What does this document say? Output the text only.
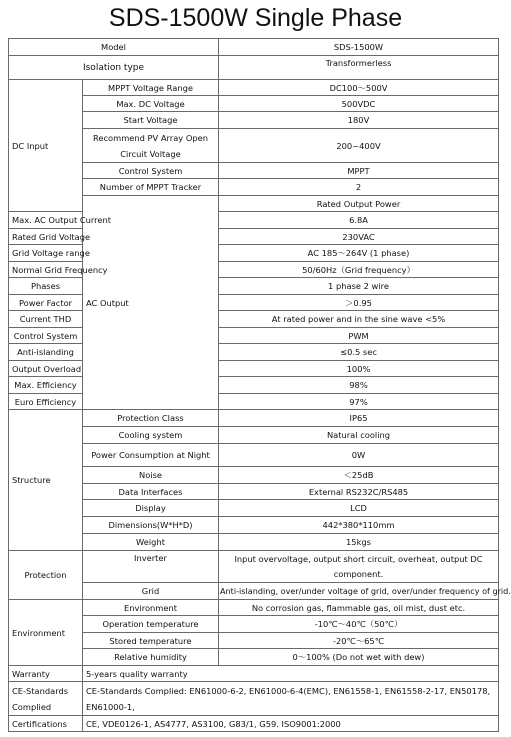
SDS-1500W Single Phase
Model		SDS-1500W	
Isolation type		Transformerless	
DC Input	MPPT Voltage Range	DC100～500V	
	Max. DC Voltage	500VDC	
	Start Voltage	180V	
	Recommend PV Array Open Circuit Voltage	200~400V	
	Control System	MPPT	
	Number of MPPT Tracker	2	
	AC Output	Rated Output Power	
Max. AC Output Current		6.8A	
Rated Grid Voltage		230VAC	
Grid Voltage range		AC 185～264V (1 phase)	
Normal Grid Frequency		50/60Hz（Grid frequency）	
Phases		1 phase 2 wire	
Power Factor		＞0.95	
Current THD		At rated power and in the sine wave <5%	
Control System		PWM	
Anti-islanding		≤0.5 sec	
Output Overload		100%	
Max. Efficiency		98%	
Euro Efficiency		97%	
Structure	Protection Class	IP65	
	Cooling system	Natural cooling	
	Power Consumption at Night	0W	
	Noise	＜25dB	
	Data Interfaces	External RS232C/RS485	
	Display	LCD	
	Dimensions(W*H*D)	442*380*110mm	
	Weight	15kgs	
Protection	Inverter	Input overvoltage, output short circuit, overheat, output DC component.	
	Grid	Anti-islanding, over/under voltage of grid, over/under frequency of grid.	
Environment	Environment	No corrosion gas, flammable gas, oil mist, dust etc.	
	Operation temperature	-10℃～40℃（50℃）	
	Stored temperature	-20℃～65℃	
	Relative humidity	0～100% (Do not wet with dew)	
Warranty	5-years quality warranty		
CE-Standards Complied	CE-Standards Complied: EN61000-6-2, EN61000-6-4(EMC), EN61558-1, EN61558-2-17, EN50178, EN61000-1,		
Certifications	CE, VDE0126-1, AS4777, AS3100, G83/1, G59. ISO9001:2000		
